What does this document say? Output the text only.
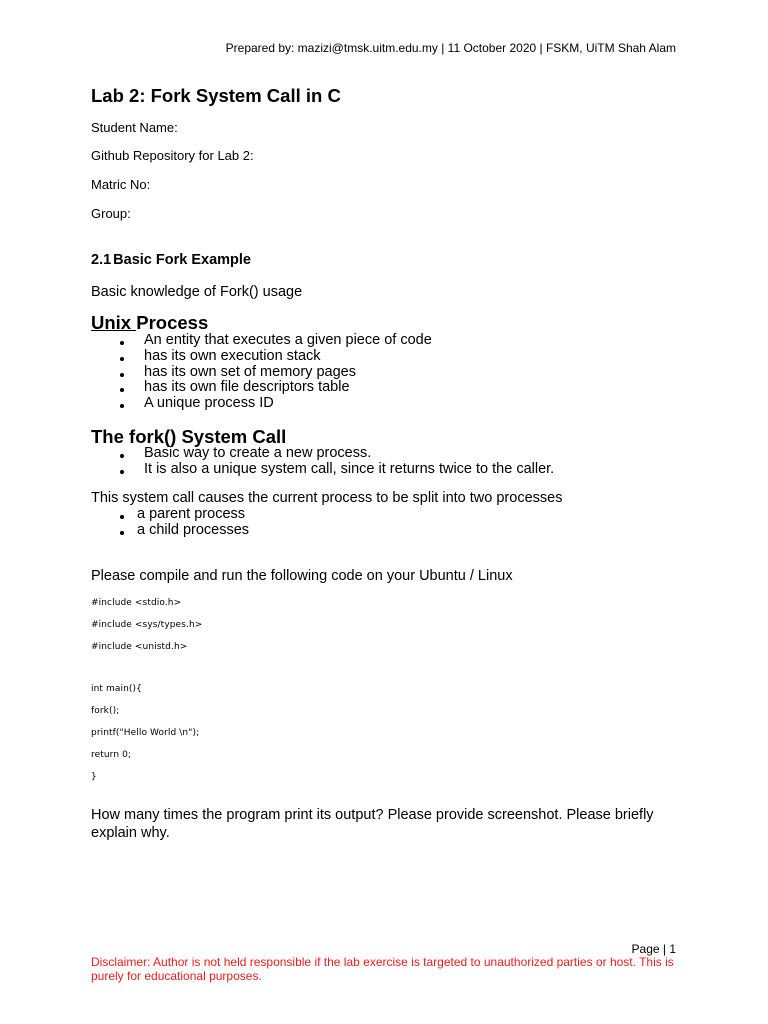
Prepared by: mazizi@tmsk.uitm.edu.my | 11 October 2020 | FSKM, UiTM Shah Alam

Lab 2: Fork System Call in C

Student Name:

Github Repository for Lab 2:

Matric No:

Group:

2.1 Basic Fork Example

Basic knowledge of Fork() usage

Unix Process
An entity that executes a given piece of code
has its own execution stack
has its own set of memory pages
has its own file descriptors table
A unique process ID
The fork() System Call
Basic way to create a new process.
It is also a unique system call, since it returns twice to the caller.

This system call causes the current process to be split into two processes

a parent process
a child processes

Please compile and run the following code on your Ubuntu / Linux

#include <stdio.h>

#include <sys/types.h>

#include <unistd.h>

int main(){

fork();

printf("Hello World \n");

return 0;

}

How many times the program print its output? Please provide screenshot. Please briefly explain why.

Page | 1

Disclaimer: Author is not held responsible if the lab exercise is targeted to unauthorized parties or host. This is purely for educational purposes.
